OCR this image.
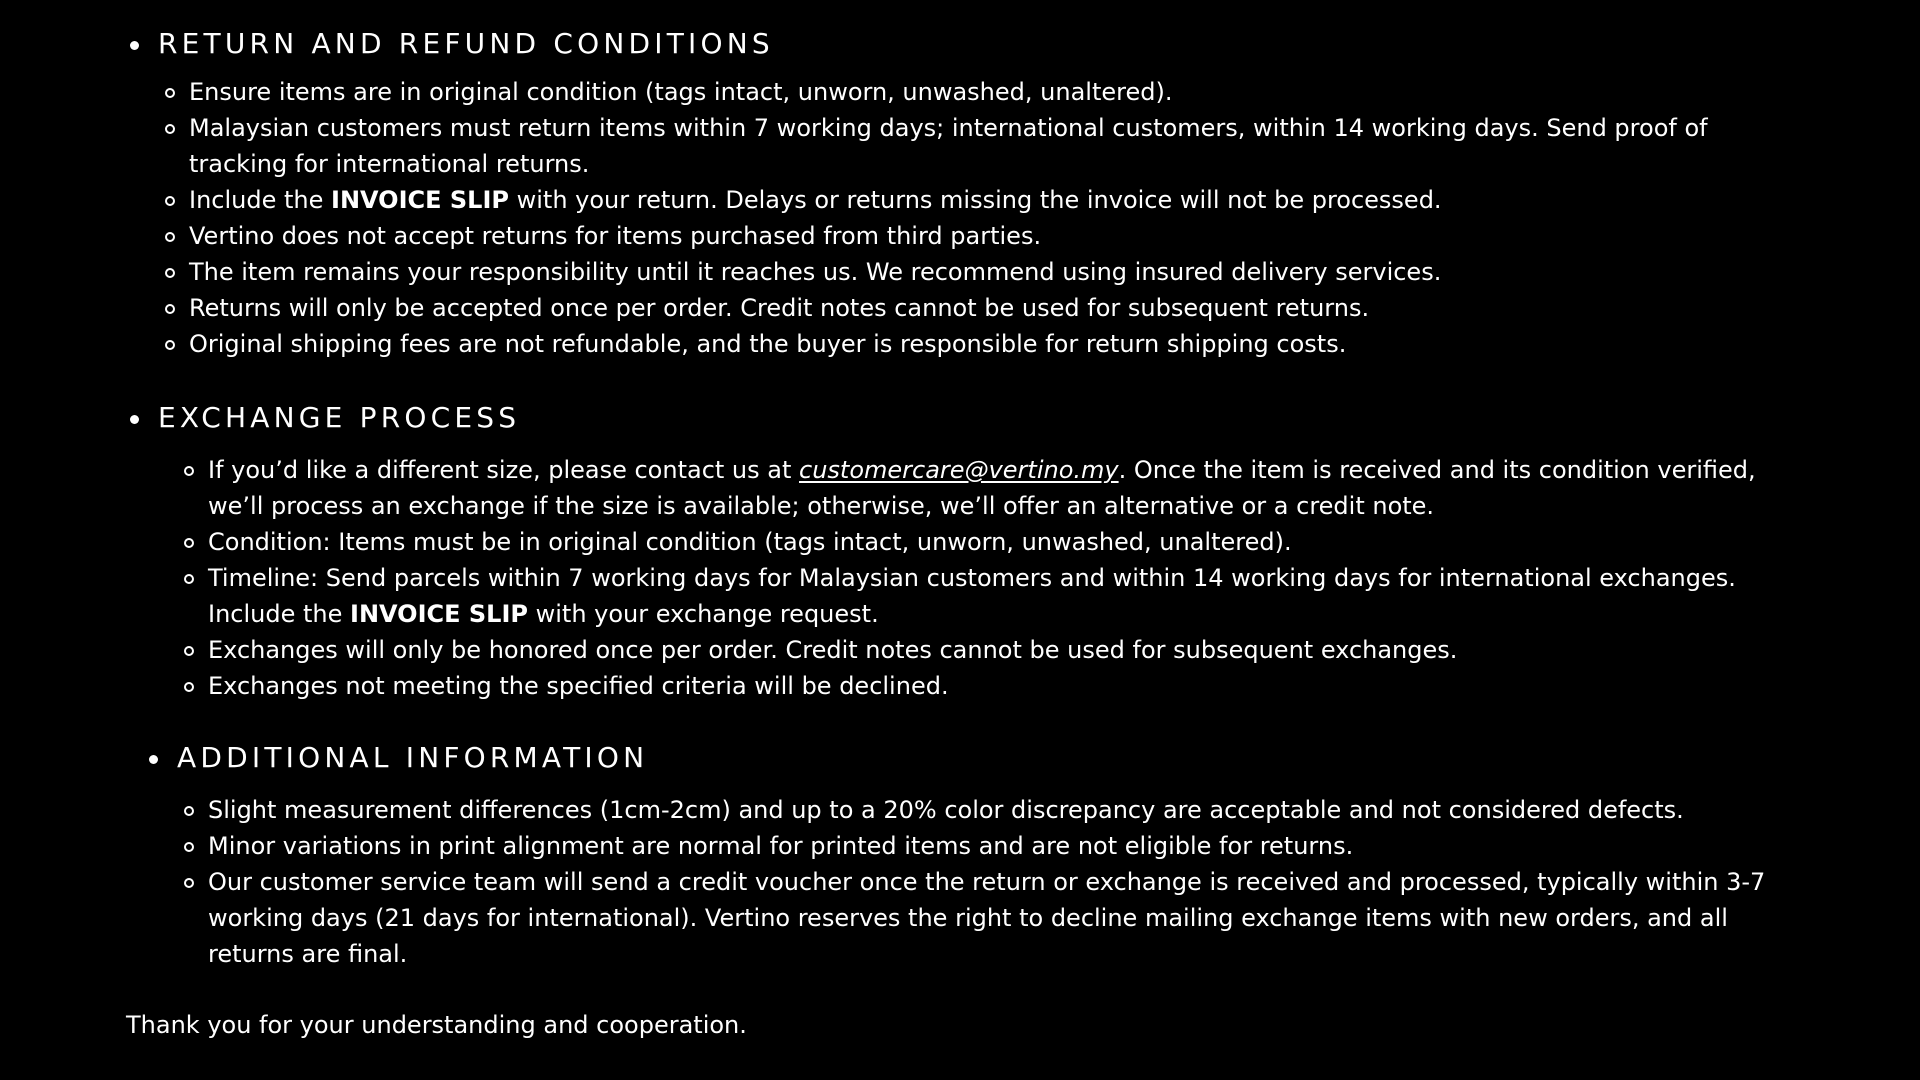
RETURN AND REFUND CONDITIONS
Ensure items are in original condition (tags intact, unworn, unwashed, unaltered).
Malaysian customers must return items within 7 working days; international customers, within 14 working days. Send proof of tracking for international returns.
Include the INVOICE SLIP with your return. Delays or returns missing the invoice will not be processed.
Vertino does not accept returns for items purchased from third parties.
The item remains your responsibility until it reaches us. We recommend using insured delivery services.
Returns will only be accepted once per order. Credit notes cannot be used for subsequent returns.
Original shipping fees are not refundable, and the buyer is responsible for return shipping costs.
EXCHANGE PROCESS
If you’d like a different size, please contact us at customercare@vertino.my. Once the item is received and its condition verified, we’ll process an exchange if the size is available; otherwise, we’ll offer an alternative or a credit note.
Condition: Items must be in original condition (tags intact, unworn, unwashed, unaltered).
Timeline: Send parcels within 7 working days for Malaysian customers and within 14 working days for international exchanges. Include the INVOICE SLIP with your exchange request.
Exchanges will only be honored once per order. Credit notes cannot be used for subsequent exchanges.
Exchanges not meeting the specified criteria will be declined.
ADDITIONAL INFORMATION
Slight measurement differences (1cm-2cm) and up to a 20% color discrepancy are acceptable and not considered defects.
Minor variations in print alignment are normal for printed items and are not eligible for returns.
Our customer service team will send a credit voucher once the return or exchange is received and processed, typically within 3-7 working days (21 days for international). Vertino reserves the right to decline mailing exchange items with new orders, and all returns are final.
Thank you for your understanding and cooperation.
